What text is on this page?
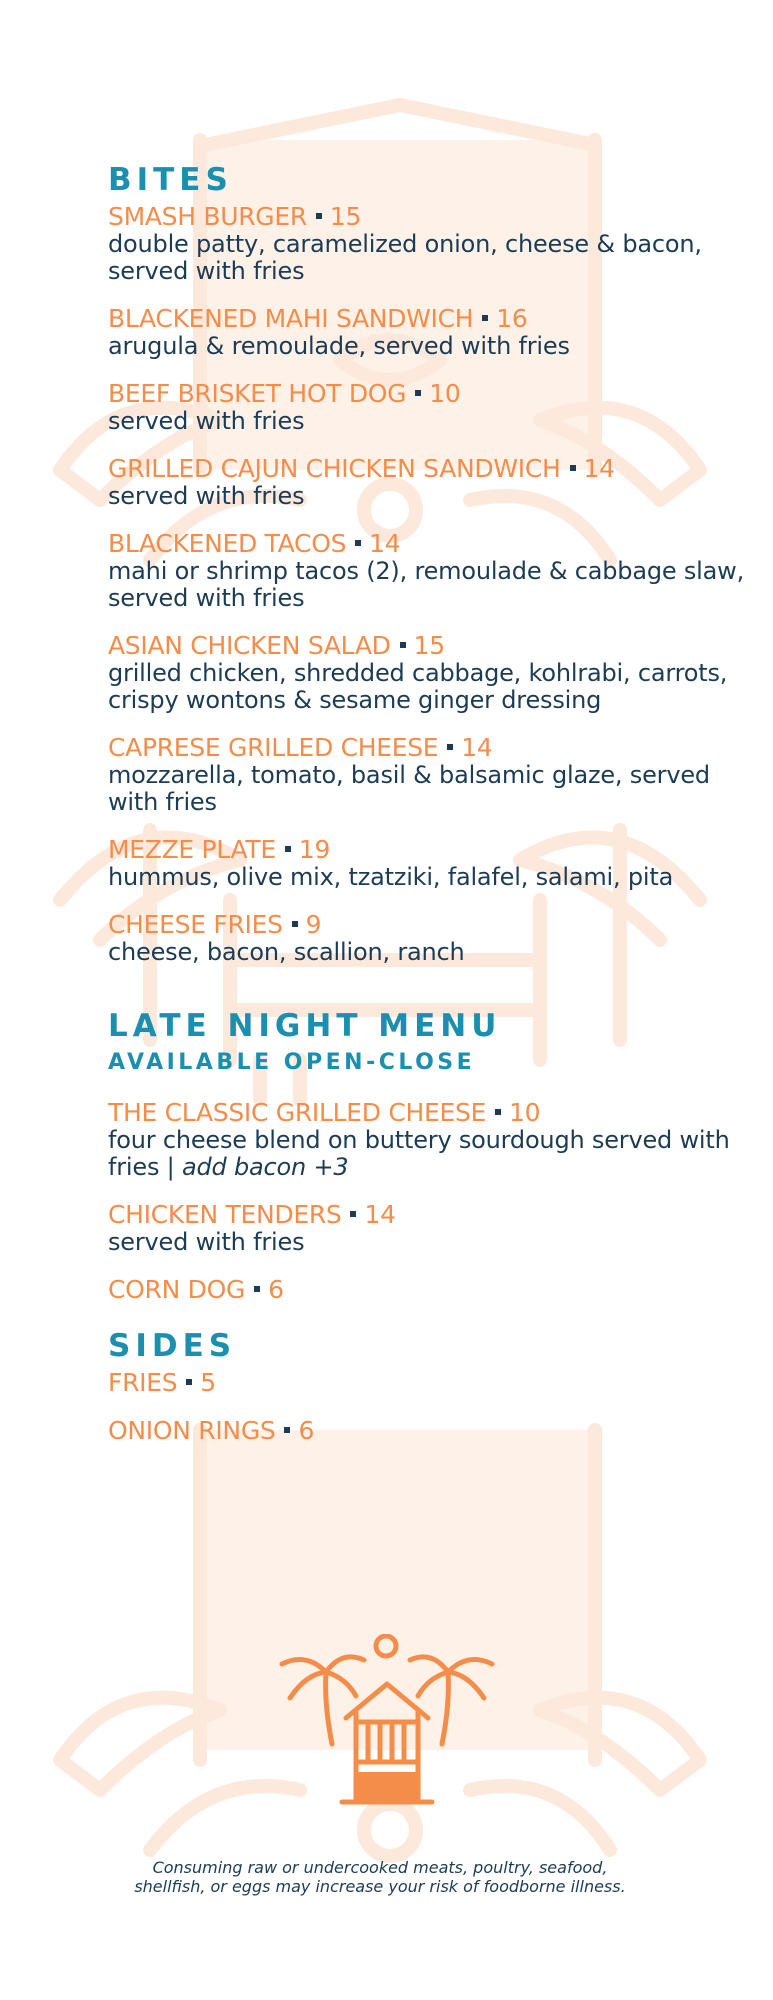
BITES
SMASH BURGER 15
double patty, caramelized onion, cheese & bacon, served with fries
BLACKENED MAHI SANDWICH 16
arugula & remoulade, served with fries
BEEF BRISKET HOT DOG 10
served with fries
GRILLED CAJUN CHICKEN SANDWICH 14
served with fries
BLACKENED TACOS 14
mahi or shrimp tacos (2), remoulade & cabbage slaw, served with fries
ASIAN CHICKEN SALAD 15
grilled chicken, shredded cabbage, kohlrabi, carrots, crispy wontons & sesame ginger dressing
CAPRESE GRILLED CHEESE 14
mozzarella, tomato, basil & balsamic glaze, served with fries
MEZZE PLATE 19
hummus, olive mix, tzatziki, falafel, salami, pita
CHEESE FRIES 9
cheese, bacon, scallion, ranch
LATE NIGHT MENU
AVAILABLE OPEN-CLOSE
THE CLASSIC GRILLED CHEESE 10
four cheese blend on buttery sourdough served with fries | add bacon +3
CHICKEN TENDERS 14
served with fries
CORN DOG 6
SIDES
FRIES 5
ONION RINGS 6
Consuming raw or undercooked meats, poultry, seafood,
shellfish, or eggs may increase your risk of foodborne illness.
